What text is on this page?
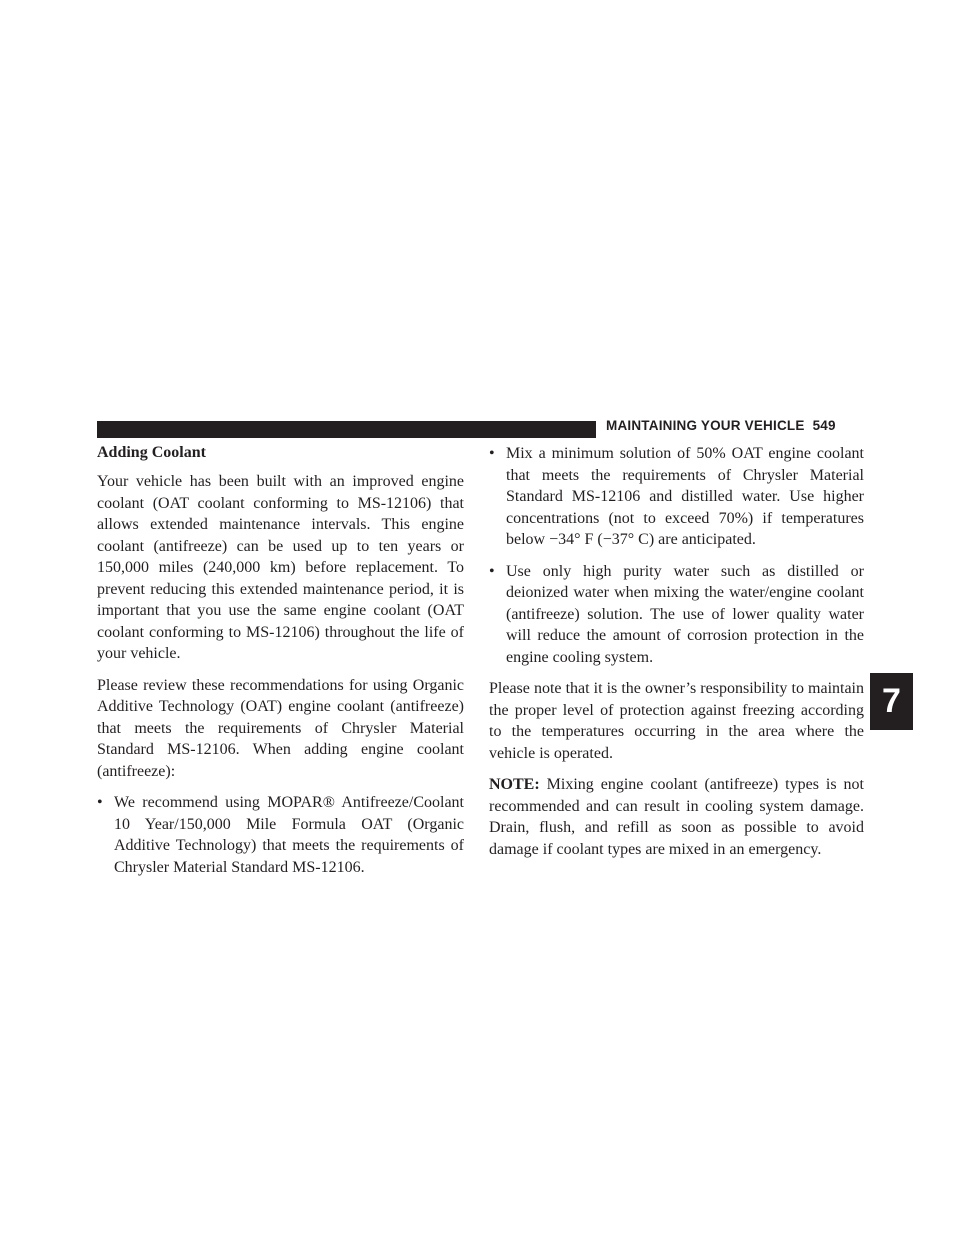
MAINTAINING YOUR VEHICLE 549
Adding Coolant

Your vehicle has been built with an improved engine coolant (OAT coolant conforming to MS-12106) that allows extended maintenance intervals. This engine coolant (antifreeze) can be used up to ten years or 150,000 miles (240,000 km) before replacement. To prevent reducing this extended maintenance period, it is important that you use the same engine coolant (OAT coolant conforming to MS-12106) throughout the life of your vehicle.

Please review these recommendations for using Organic Additive Technology (OAT) engine coolant (antifreeze) that meets the requirements of Chrysler Material Standard MS-12106. When adding engine coolant (antifreeze):

• We recommend using MOPAR® Antifreeze/Coolant 10 Year/150,000 Mile Formula OAT (Organic Additive Technology) that meets the requirements of Chrysler Material Standard MS-12106.
• Mix a minimum solution of 50% OAT engine coolant that meets the requirements of Chrysler Material Standard MS-12106 and distilled water. Use higher concentrations (not to exceed 70%) if temperatures below −34° F (−37° C) are anticipated.
• Use only high purity water such as distilled or deionized water when mixing the water/engine coolant (antifreeze) solution. The use of lower quality water will reduce the amount of corrosion protection in the engine cooling system.

Please note that it is the owner’s responsibility to maintain the proper level of protection against freezing according to the temperatures occurring in the area where the vehicle is operated.

NOTE: Mixing engine coolant (antifreeze) types is not recommended and can result in cooling system damage. Drain, flush, and refill as soon as possible to avoid damage if coolant types are mixed in an emergency.

7
